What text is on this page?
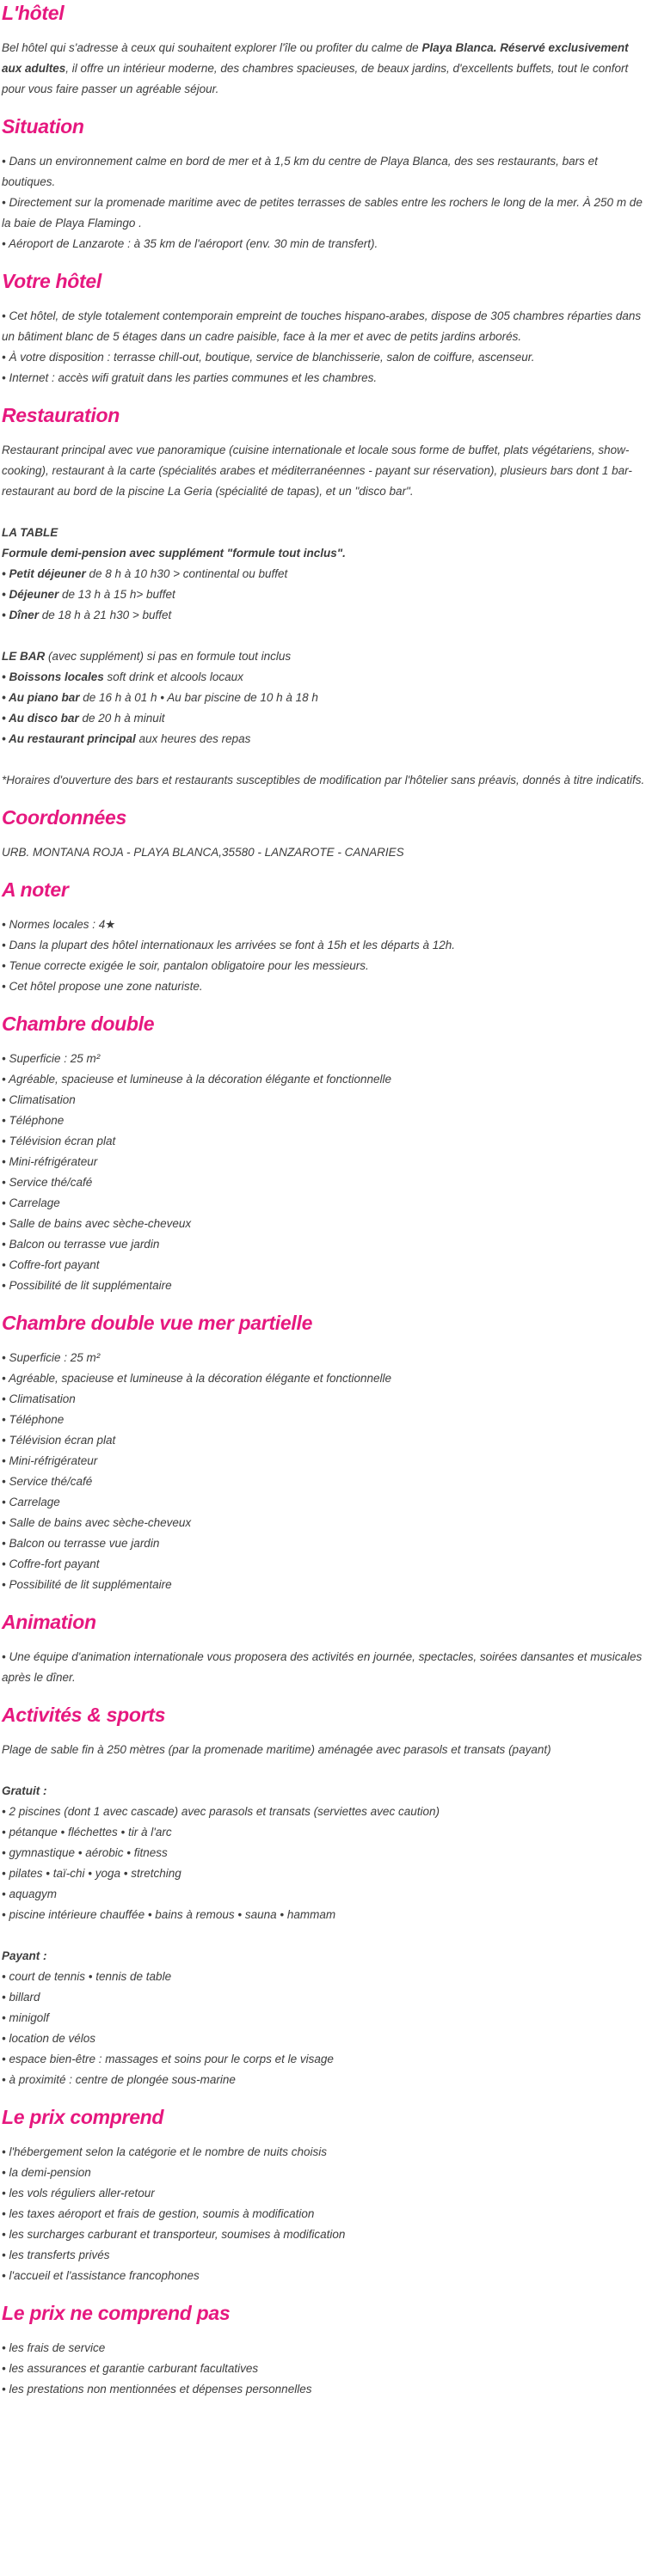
L'hôtel

Bel hôtel qui s'adresse à ceux qui souhaitent explorer l'île ou profiter du calme de Playa Blanca. Réservé exclusivement aux adultes, il offre un intérieur moderne, des chambres spacieuses, de beaux jardins, d'excellents buffets, tout le confort pour vous faire passer un agréable séjour.

Situation

• Dans un environnement calme en bord de mer et à 1,5 km du centre de Playa Blanca, des ses restaurants, bars et boutiques.

• Directement sur la promenade maritime avec de petites terrasses de sables entre les rochers le long de la mer. À 250 m de la baie de Playa Flamingo .

• Aéroport de Lanzarote : à 35 km de l'aéroport (env. 30 min de transfert).

Votre hôtel

• Cet hôtel, de style totalement contemporain empreint de touches hispano-arabes, dispose de 305 chambres réparties dans un bâtiment blanc de 5 étages dans un cadre paisible, face à la mer et avec de petits jardins arborés.

• À votre disposition : terrasse chill-out, boutique, service de blanchisserie, salon de coiffure, ascenseur.

• Internet : accès wifi gratuit dans les parties communes et les chambres.

Restauration

Restaurant principal avec vue panoramique (cuisine internationale et locale sous forme de buffet, plats végétariens, show-cooking), restaurant à la carte (spécialités arabes et méditerranéennes - payant sur réservation), plusieurs bars dont 1 bar-restaurant au bord de la piscine La Geria (spécialité de tapas), et un "disco bar".

LA TABLE

Formule demi-pension avec supplément "formule tout inclus".

• Petit déjeuner de 8 h à 10 h30 > continental ou buffet

• Déjeuner de 13 h à 15 h> buffet

• Dîner de 18 h à 21 h30 > buffet

LE BAR (avec supplément) si pas en formule tout inclus

• Boissons locales soft drink et alcools locaux

• Au piano bar de 16 h à 01 h • Au bar piscine de 10 h à 18 h

• Au disco bar de 20 h à minuit

• Au restaurant principal aux heures des repas

*Horaires d'ouverture des bars et restaurants susceptibles de modification par l'hôtelier sans préavis, donnés à titre indicatifs.

Coordonnées

URB. MONTANA ROJA - PLAYA BLANCA,35580 - LANZAROTE - CANARIES

A noter

• Normes locales : 4★

• Dans la plupart des hôtel internationaux les arrivées se font à 15h et les départs à 12h.

• Tenue correcte exigée le soir, pantalon obligatoire pour les messieurs.

• Cet hôtel propose une zone naturiste.

Chambre double

• Superficie : 25 m²

• Agréable, spacieuse et lumineuse à la décoration élégante et fonctionnelle

• Climatisation

• Téléphone

• Télévision écran plat

• Mini-réfrigérateur

• Service thé/café

• Carrelage

• Salle de bains avec sèche-cheveux

• Balcon ou terrasse vue jardin

• Coffre-fort payant

• Possibilité de lit supplémentaire

Chambre double vue mer partielle

• Superficie : 25 m²

• Agréable, spacieuse et lumineuse à la décoration élégante et fonctionnelle

• Climatisation

• Téléphone

• Télévision écran plat

• Mini-réfrigérateur

• Service thé/café

• Carrelage

• Salle de bains avec sèche-cheveux

• Balcon ou terrasse vue jardin

• Coffre-fort payant

• Possibilité de lit supplémentaire

Animation

• Une équipe d'animation internationale vous proposera des activités en journée, spectacles, soirées dansantes et musicales après le dîner.

Activités & sports

Plage de sable fin à 250 mètres (par la promenade maritime) aménagée avec parasols et transats (payant)

Gratuit :

• 2 piscines (dont 1 avec cascade) avec parasols et transats (serviettes avec caution)

• pétanque • fléchettes • tir à l'arc

• gymnastique • aérobic • fitness

• pilates • taï-chi • yoga • stretching

• aquagym

• piscine intérieure chauffée • bains à remous • sauna • hammam

Payant :

• court de tennis • tennis de table

• billard

• minigolf

• location de vélos

• espace bien-être : massages et soins pour le corps et le visage

• à proximité : centre de plongée sous-marine

Le prix comprend

• l'hébergement selon la catégorie et le nombre de nuits choisis

• la demi-pension

• les vols réguliers aller-retour

• les taxes aéroport et frais de gestion, soumis à modification

• les surcharges carburant et transporteur, soumises à modification

• les transferts privés

• l'accueil et l'assistance francophones

Le prix ne comprend pas

• les frais de service

• les assurances et garantie carburant facultatives

• les prestations non mentionnées et dépenses personnelles
